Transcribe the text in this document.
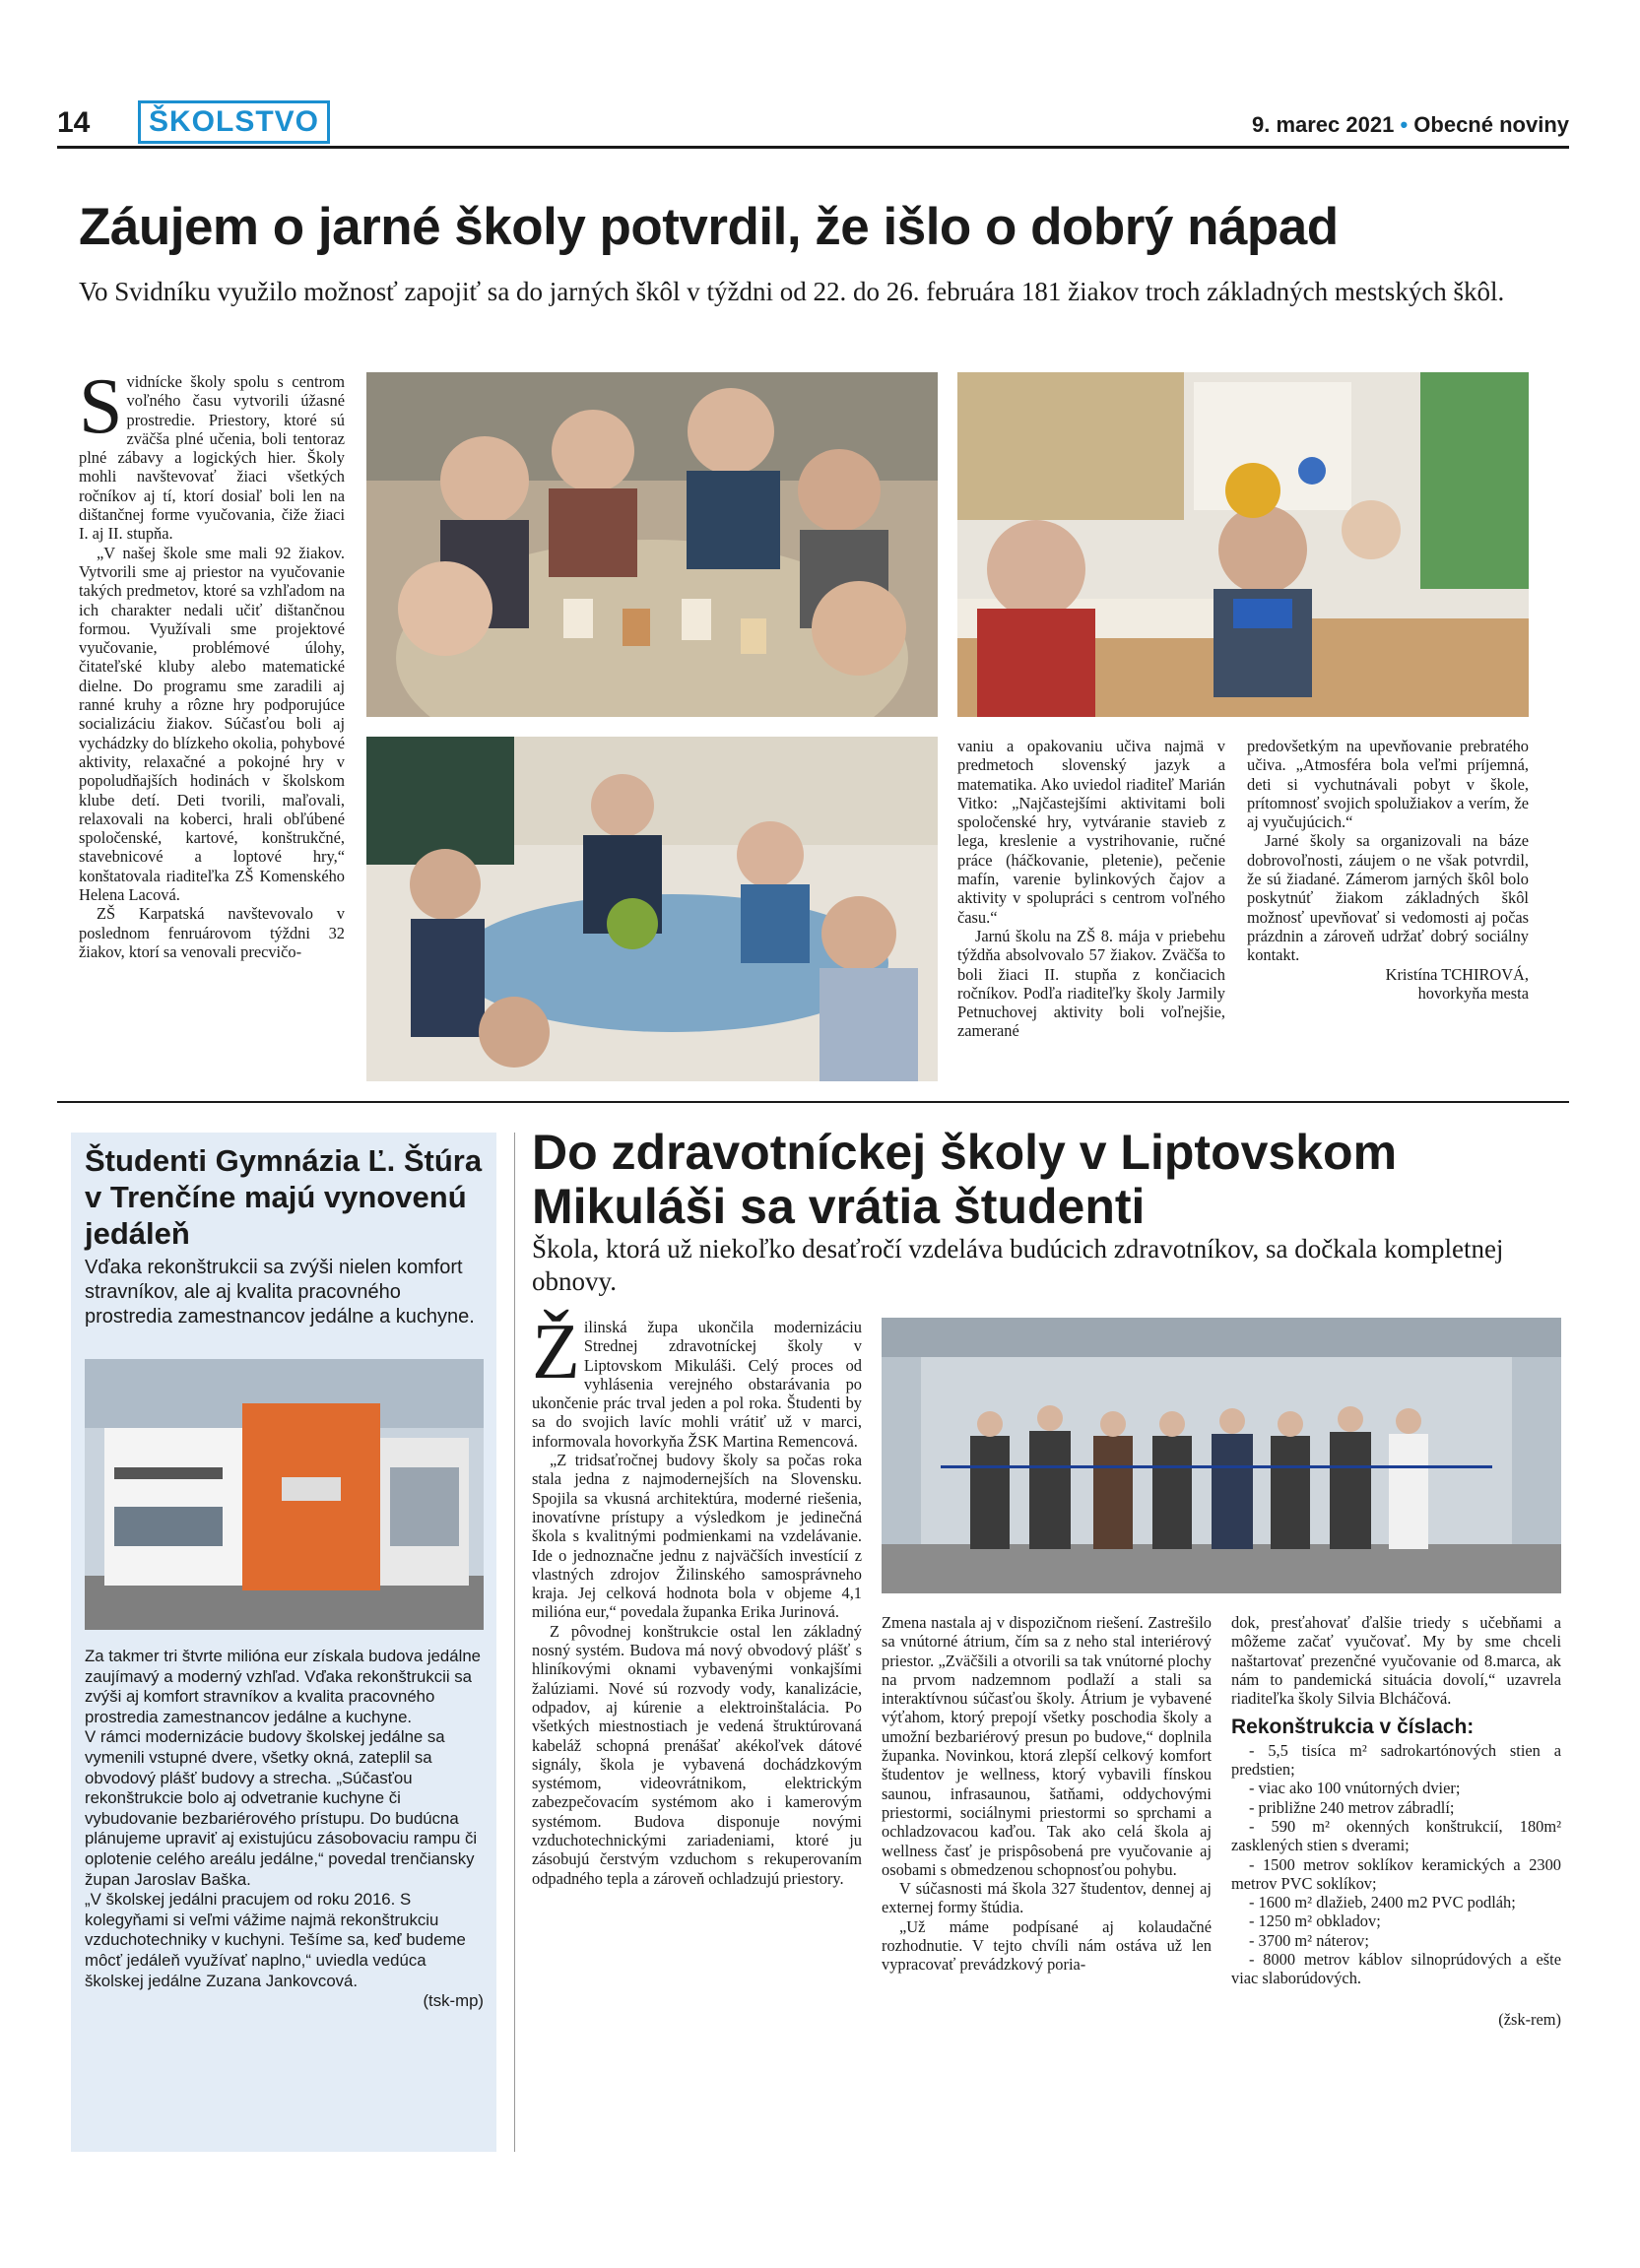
14	ŠKOLSTVO	9. marec 2021 • Obecné noviny
Záujem o jarné školy potvrdil, že išlo o dobrý nápad
Vo Svidníku využilo možnosť zapojiť sa do jarných škôl v týždni od 22. do 26. februára 181 žiakov troch základných mestských škôl.

Svidnícke školy spolu s centrom voľného času vytvorili úžasné prostredie. Priestory, ktoré sú zväčša plné učenia, boli tentoraz plné zábavy a logických hier. Školy mohli navštevovať žiaci všetkých ročníkov aj tí, ktorí dosiaľ boli len na dištančnej forme vyučovania, čiže žiaci I. aj II. stupňa.

„V našej škole sme mali 92 žiakov. Vytvorili sme aj priestor na vyučovanie takých predmetov, ktoré sa vzhľadom na ich charakter nedali učiť dištančnou formou. Využívali sme projektové vyučovanie, problémové úlohy, čitateľské kluby alebo matematické dielne. Do programu sme zaradili aj ranné kruhy a rôzne hry podporujúce socializáciu žiakov. Súčasťou boli aj vychádzky do blízkeho okolia, pohybové aktivity, relaxačné a pokojné hry v popoludňajších hodinách v školskom klube detí. Deti tvorili, maľovali, relaxovali na koberci, hrali obľúbené spoločenské, kartové, konštrukčné, stavebnicové a loptové hry,“ konštatovala riaditeľka ZŠ Komenského Helena Lacová.

ZŠ Karpatská navštevovalo v poslednom fenruárovom týždni 32 žiakov, ktorí sa venovali precvičo-

vaniu a opakovaniu učiva najmä v predmetoch slovenský jazyk a matematika. Ako uviedol riaditeľ Marián Vitko: „Najčastejšími aktivitami boli spoločenské hry, vytváranie stavieb z lega, kreslenie a vystrihovanie, ručné práce (háčkovanie, pletenie), pečenie mafín, varenie bylinkových čajov a aktivity v spolupráci s centrom voľného času.“

Jarnú školu na ZŠ 8. mája v priebehu týždňa absolvovalo 57 žiakov. Zväčša to boli žiaci II. stupňa z končiacich ročníkov. Podľa riaditeľky školy Jarmily Petnuchovej aktivity boli voľnejšie, zamerané

predovšetkým na upevňovanie prebratého učiva. „Atmosféra bola veľmi príjemná, deti si vychutnávali pobyt v škole, prítomnosť svojich spolužiakov a verím, že aj vyučujúcich.“

Jarné školy sa organizovali na báze dobrovoľnosti, záujem o ne však potvrdil, že sú žiadané. Zámerom jarných škôl bolo poskytnúť žiakom základných škôl možnosť upevňovať si vedomosti aj počas prázdnin a zároveň udržať dobrý sociálny kontakt.

Kristína TCHIROVÁ,
hovorkyňa mesta
Študenti Gymnázia Ľ. Štúra v Trenčíne majú vynovenú jedáleň
Vďaka rekonštrukcii sa zvýši nielen komfort stravníkov, ale aj kvalita pracovného prostredia zamestnancov jedálne a kuchyne.

Za takmer tri štvrte milióna eur získala budova jedálne zaujímavý a moderný vzhľad. Vďaka rekonštrukcii sa zvýši aj komfort stravníkov a kvalita pracovného prostredia zamestnancov jedálne a kuchyne.

V rámci modernizácie budovy školskej jedálne sa vymenili vstupné dvere, všetky okná, zateplil sa obvodový plášť budovy a strecha. „Súčasťou rekonštrukcie bolo aj odvetranie kuchyne či vybudovanie bezbariérového prístupu. Do budúcna plánujeme upraviť aj existujúcu zásobovaciu rampu či oplotenie celého areálu jedálne,“ povedal trenčiansky župan Jaroslav Baška.

„V školskej jedálni pracujem od roku 2016. S kolegyňami si veľmi vážime najmä rekonštrukciu vzduchotechniky v kuchyni. Tešíme sa, keď budeme môcť jedáleň využívať naplno,“ uviedla vedúca školskej jedálne Zuzana Jankovcová.

(tsk-mp)
Do zdravotníckej školy v Liptovskom Mikuláši sa vrátia študenti
Škola, ktorá už niekoľko desaťročí vzdeláva budúcich zdravotníkov, sa dočkala kompletnej obnovy.

Žilinská župa ukončila modernizáciu Strednej zdravotníckej školy v Liptovskom Mikuláši. Celý proces od vyhlásenia verejného obstarávania po ukončenie prác trval jeden a pol roka. Študenti by sa do svojich lavíc mohli vrátiť už v marci, informovala hovorkyňa ŽSK Martina Remencová.

„Z tridsaťročnej budovy školy sa počas roka stala jedna z najmodernejších na Slovensku. Spojila sa vkusná architektúra, moderné riešenia, inovatívne prístupy a výsledkom je jedinečná škola s kvalitnými podmienkami na vzdelávanie. Ide o jednoznačne jednu z najväčších investícií z vlastných zdrojov Žilinského samosprávneho kraja. Jej celková hodnota bola v objeme 4,1 milióna eur,“ povedala županka Erika Jurinová.

Z pôvodnej konštrukcie ostal len základný nosný systém. Budova má nový obvodový plášť s hliníkovými oknami vybavenými vonkajšími žalúziami. Nové sú rozvody vody, kanalizácie, odpadov, aj kúrenie a elektroinštalácia. Po všetkých miestnostiach je vedená štruktúrovaná kabeláž schopná prenášať akékoľvek dátové signály, škola je vybavená dochádzkovým systémom, videovrátnikom, elektrickým zabezpečovacím systémom ako i kamerovým systémom. Budova disponuje novými vzduchotechnickými zariadeniami, ktoré ju zásobujú čerstvým vzduchom s rekuperovaním odpadného tepla a zároveň ochladzujú priestory.

Zmena nastala aj v dispozičnom riešení. Zastrešilo sa vnútorné átrium, čím sa z neho stal interiérový priestor. „Zväčšili a otvorili sa tak vnútorné plochy na prvom nadzemnom podlaží a stali sa interaktívnou súčasťou školy. Átrium je vybavené výťahom, ktorý prepojí všetky poschodia školy a umožní bezbariérový presun po budove,“ doplnila županka. Novinkou, ktorá zlepší celkový komfort študentov je wellness, ktorý vybavili fínskou saunou, infrasaunou, šatňami, oddychovými priestormi, sociálnymi priestormi so sprchami a ochladzovacou kaďou. Tak ako celá škola aj wellness časť je prispôsobená pre vyučovanie aj osobami s obmedzenou schopnosťou pohybu.

V súčasnosti má škola 327 študentov, dennej aj externej formy štúdia.

„Už máme podpísané aj kolaudačné rozhodnutie. V tejto chvíli nám ostáva už len vypracovať prevádzkový poria-

dok, presťahovať ďalšie triedy s učebňami a môžeme začať vyučovať. My by sme chceli naštartovať prezenčné vyučovanie od 8.marca, ak nám to pandemická situácia dovolí,“ uzavrela riaditeľka školy Silvia Blcháčová.

Rekonštrukcia v číslach:

- 5,5 tisíca m² sadrokartónových stien a predstien;

- viac ako 100 vnútorných dvier;

- približne 240 metrov zábradlí;

- 590 m² okenných konštrukcií, 180m² zasklených stien s dverami;

- 1500 metrov soklíkov keramických a 2300 metrov PVC soklíkov;

- 1600 m² dlažieb, 2400 m2 PVC podláh;

- 1250 m² obkladov;

- 3700 m² náterov;

- 8000 metrov káblov silnoprúdových a ešte viac slaborúdových.

(žsk-rem)
